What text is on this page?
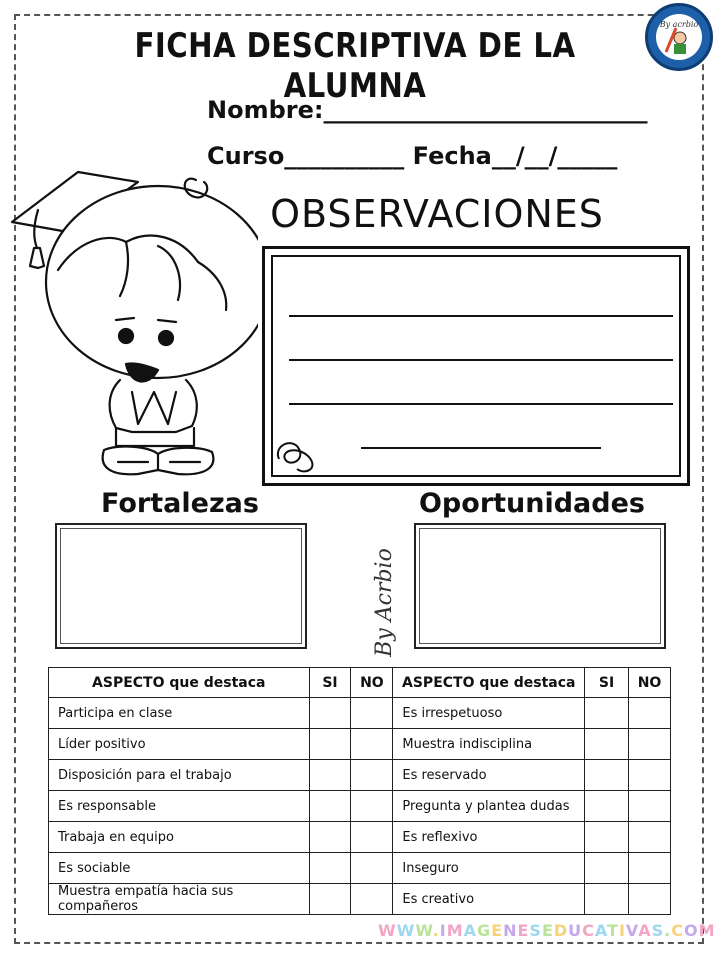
FICHA DESCRIPTIVA DE LA ALUMNA
By acrbio
Nombre:___________________________
Curso__________ Fecha__/__/_____
OBSERVACIONES
Fortalezas	Oportunidades
By Acrbio
ASPECTO que destaca	SI	NO	ASPECTO que destaca	SI	NO
Participa en clase			Es irrespetuoso		
Líder positivo			Muestra indisciplina		
Disposición para el trabajo			Es reservado		
Es responsable			Pregunta y plantea dudas		
Trabaja en equipo			Es reflexivo		
Es sociable			Inseguro		
Muestra empatía hacia sus compañeros			Es creativo		
WWW.IMAGENESEDUCATIVAS.COM
